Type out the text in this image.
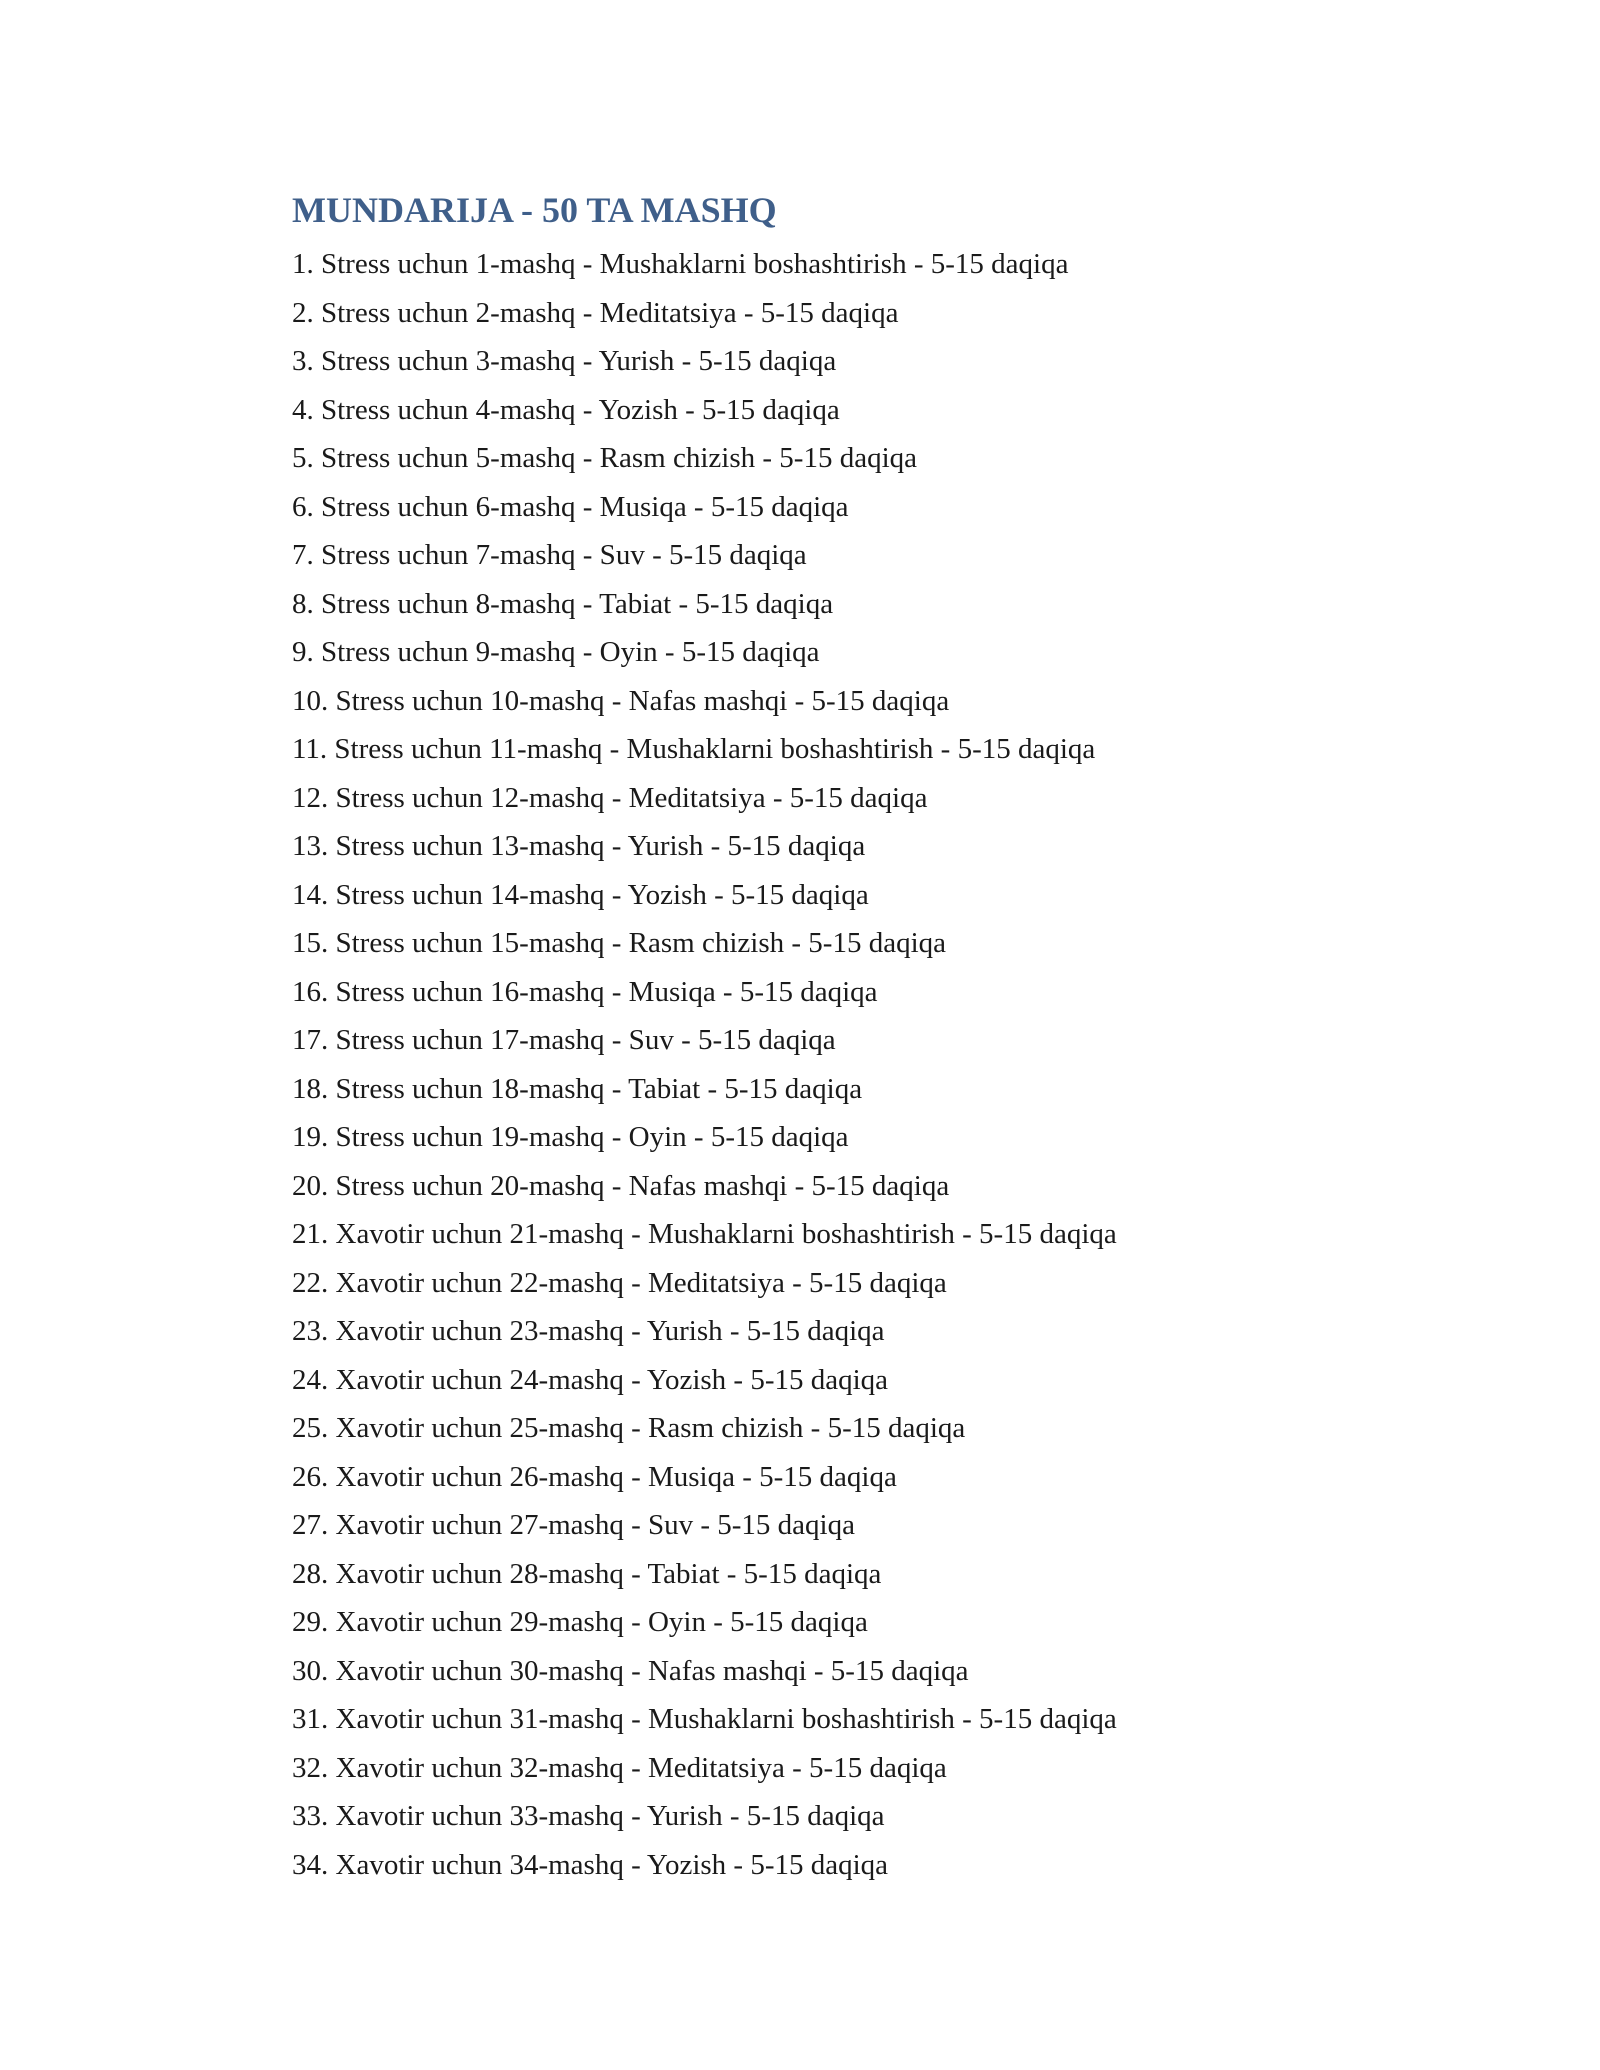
MUNDARIJA - 50 TA MASHQ
1. Stress uchun 1-mashq - Mushaklarni boshashtirish - 5-15 daqiqa
2. Stress uchun 2-mashq - Meditatsiya - 5-15 daqiqa
3. Stress uchun 3-mashq - Yurish - 5-15 daqiqa
4. Stress uchun 4-mashq - Yozish - 5-15 daqiqa
5. Stress uchun 5-mashq - Rasm chizish - 5-15 daqiqa
6. Stress uchun 6-mashq - Musiqa - 5-15 daqiqa
7. Stress uchun 7-mashq - Suv - 5-15 daqiqa
8. Stress uchun 8-mashq - Tabiat - 5-15 daqiqa
9. Stress uchun 9-mashq - Oyin - 5-15 daqiqa
10. Stress uchun 10-mashq - Nafas mashqi - 5-15 daqiqa
11. Stress uchun 11-mashq - Mushaklarni boshashtirish - 5-15 daqiqa
12. Stress uchun 12-mashq - Meditatsiya - 5-15 daqiqa
13. Stress uchun 13-mashq - Yurish - 5-15 daqiqa
14. Stress uchun 14-mashq - Yozish - 5-15 daqiqa
15. Stress uchun 15-mashq - Rasm chizish - 5-15 daqiqa
16. Stress uchun 16-mashq - Musiqa - 5-15 daqiqa
17. Stress uchun 17-mashq - Suv - 5-15 daqiqa
18. Stress uchun 18-mashq - Tabiat - 5-15 daqiqa
19. Stress uchun 19-mashq - Oyin - 5-15 daqiqa
20. Stress uchun 20-mashq - Nafas mashqi - 5-15 daqiqa
21. Xavotir uchun 21-mashq - Mushaklarni boshashtirish - 5-15 daqiqa
22. Xavotir uchun 22-mashq - Meditatsiya - 5-15 daqiqa
23. Xavotir uchun 23-mashq - Yurish - 5-15 daqiqa
24. Xavotir uchun 24-mashq - Yozish - 5-15 daqiqa
25. Xavotir uchun 25-mashq - Rasm chizish - 5-15 daqiqa
26. Xavotir uchun 26-mashq - Musiqa - 5-15 daqiqa
27. Xavotir uchun 27-mashq - Suv - 5-15 daqiqa
28. Xavotir uchun 28-mashq - Tabiat - 5-15 daqiqa
29. Xavotir uchun 29-mashq - Oyin - 5-15 daqiqa
30. Xavotir uchun 30-mashq - Nafas mashqi - 5-15 daqiqa
31. Xavotir uchun 31-mashq - Mushaklarni boshashtirish - 5-15 daqiqa
32. Xavotir uchun 32-mashq - Meditatsiya - 5-15 daqiqa
33. Xavotir uchun 33-mashq - Yurish - 5-15 daqiqa
34. Xavotir uchun 34-mashq - Yozish - 5-15 daqiqa
